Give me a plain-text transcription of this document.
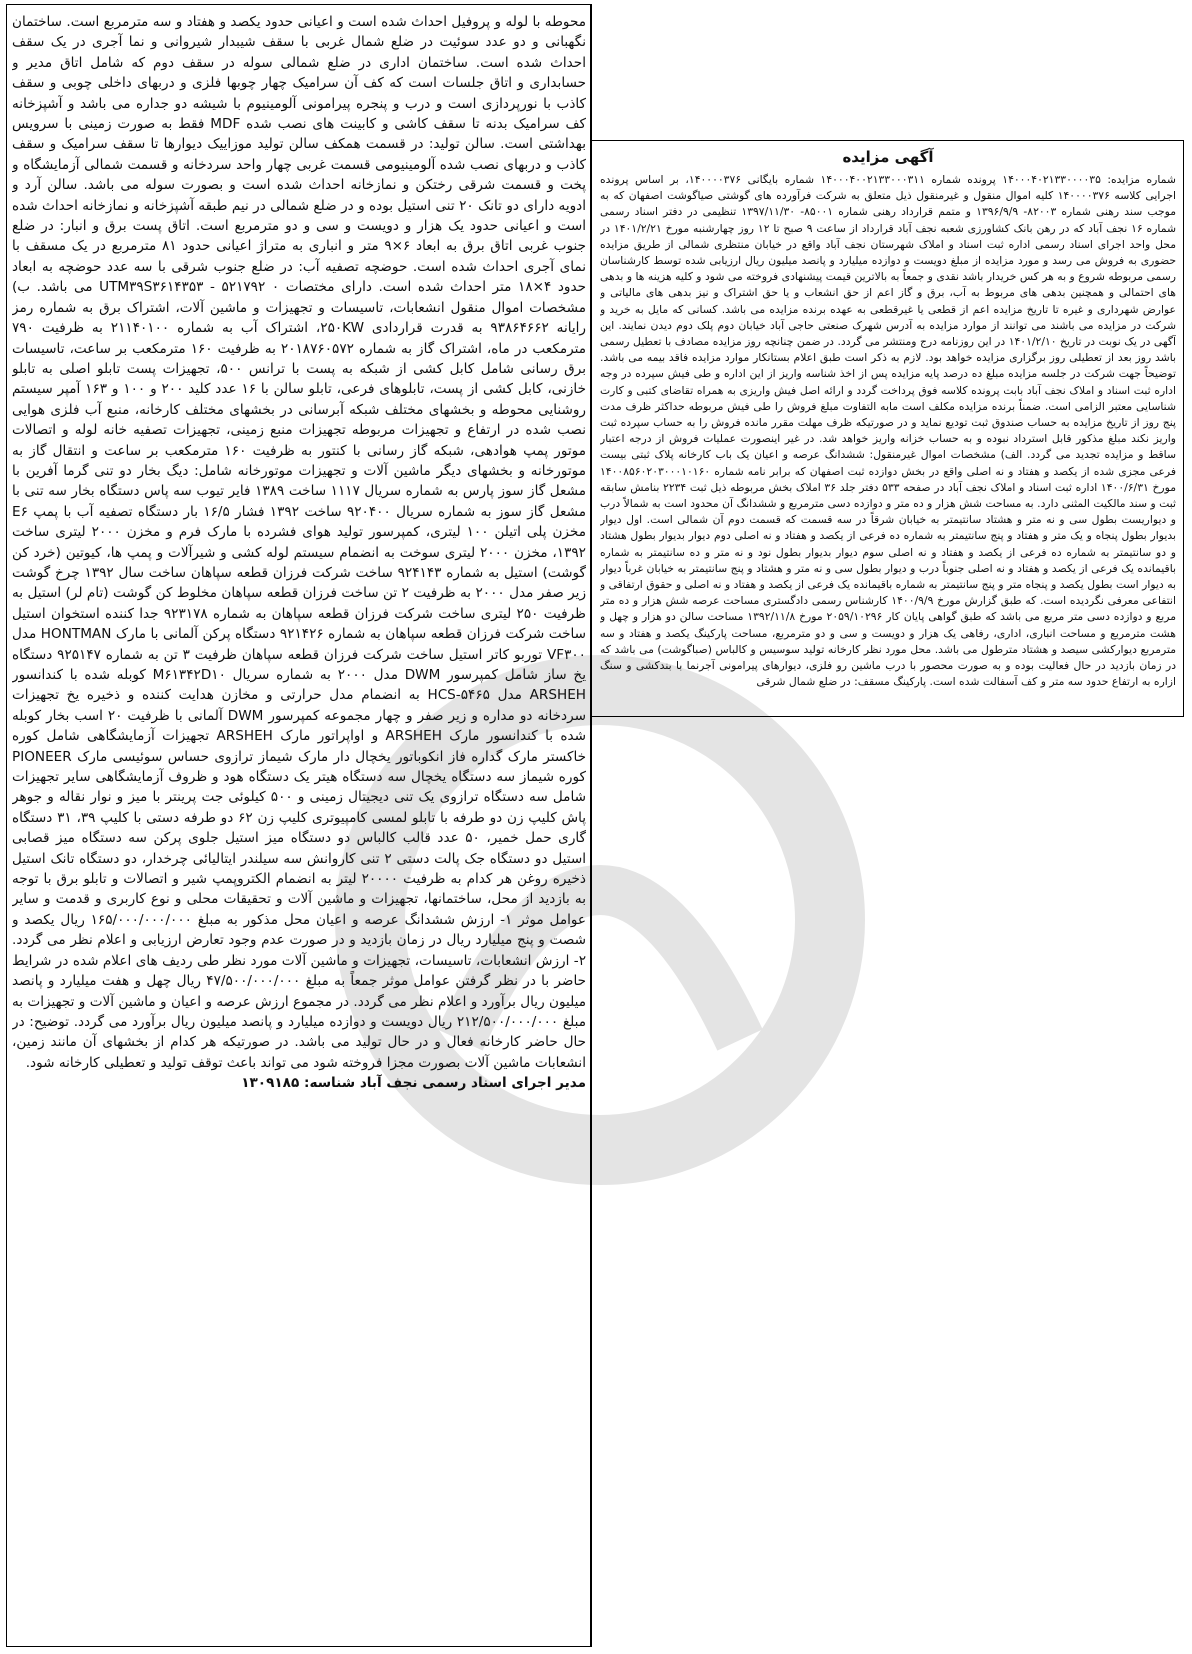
آگهی مزایده

شماره مزایده: ۱۴۰۰۰۴۰۲۱۳۳۰۰۰۰۳۵ پرونده شماره ۱۴۰۰۰۴۰۰۲۱۳۳۰۰۰۳۱۱ شماره بایگانی ۱۴۰۰۰۰۳۷۶، بر اساس پرونده اجرایی کلاسه ۱۴۰۰۰۰۳۷۶ کلیه اموال منقول و غیرمنقول ذیل متعلق به شرکت فرآورده های گوشتی صیاگوشت اصفهان که به موجب سند رهنی شماره ۸۲۰۰۳- ۱۳۹۶/۹/۹ و متمم قرارداد رهنی شماره ۸۵۰۰۱- ۱۳۹۷/۱۱/۳۰ تنظیمی در دفتر اسناد رسمی شماره ۱۶ نجف آباد که در رهن بانک کشاورزی شعبه نجف آباد قرارداد از ساعت ۹ صبح تا ۱۲ روز چهارشنبه مورخ ۱۴۰۱/۲/۲۱ در محل واحد اجرای اسناد رسمی اداره ثبت اسناد و املاک شهرستان نجف آباد واقع در خیابان منتظری شمالی از طریق مزایده حضوری به فروش می رسد و مورد مزایده از مبلغ دویست و دوازده میلیارد و پانصد میلیون ریال ارزیابی شده توسط کارشناسان رسمی مربوطه شروع و به هر کس خریدار باشد نقدی و جمعاً به بالاترین قیمت پیشنهادی فروخته می شود و کلیه هزینه ها و بدهی های احتمالی و همچنین بدهی های مربوط به آب، برق و گاز اعم از حق انشعاب و یا حق اشتراک و نیز بدهی های مالیاتی و عوارض شهرداری و غیره تا تاریخ مزایده اعم از قطعی یا غیرقطعی به عهده برنده مزایده می باشد. کسانی که مایل به خرید و شرکت در مزایده می باشند می توانند از موارد مزایده به آدرس شهرک صنعتی حاجی آباد خیابان دوم پلک دوم دیدن نمایند. این آگهی در یک نوبت در تاریخ ۱۴۰۱/۲/۱۰ در این روزنامه درج ومنتشر می گردد. در ضمن چنانچه روز مزایده مصادف با تعطیل رسمی باشد روز بعد از تعطیلی روز برگزاری مزایده خواهد بود. لازم به ذکر است طبق اعلام بستانکار موارد مزایده فاقد بیمه می باشد. توضیحاً جهت شرکت در جلسه مزایده مبلغ ده درصد پایه مزایده پس از اخذ شناسه واریز از این اداره و طی فیش سپرده در وجه اداره ثبت اسناد و املاک نجف آباد بابت پرونده کلاسه فوق پرداخت گردد و ارائه اصل فیش واریزی به همراه تقاضای کتبی و کارت شناسایی معتبر الزامی است. ضمناً برنده مزایده مکلف است مابه التفاوت مبلغ فروش را طی فیش مربوطه حداکثر ظرف مدت پنج روز از تاریخ مزایده به حساب صندوق ثبت تودیع نماید و در صورتیکه ظرف مهلت مقرر مانده فروش را به حساب سپرده ثبت واریز نکند مبلغ مذکور قابل استرداد نبوده و به حساب خزانه واریز خواهد شد. در غیر اینصورت عملیات فروش از درجه اعتبار ساقط و مزایده تجدید می گردد. الف) مشخصات اموال غیرمنقول: ششدانگ عرصه و اعیان یک باب کارخانه پلاک ثبتی بیست فرعی مجزی شده از یکصد و هفتاد و نه اصلی واقع در بخش دوازده ثبت اصفهان که برابر نامه شماره ۱۴۰۰۸۵۶۰۲۰۳۰۰۰۱۰۱۶۰ مورخ ۱۴۰۰/۶/۳۱ اداره ثبت اسناد و املاک نجف آباد در صفحه ۵۳۳ دفتر جلد ۳۶ املاک بخش مربوطه ذیل ثبت ۲۲۳۴ بنامش سابقه ثبت و سند مالکیت المثنی دارد. به مساحت شش هزار و ده متر و دوازده دسی مترمربع و ششدانگ آن محدود است به شمالاً درب و دیواریست بطول سی و نه متر و هشتاد سانتیمتر به خیابان شرقاً در سه قسمت که قسمت دوم آن شمالی است. اول دیوار بدیوار بطول پنجاه و یک متر و هفتاد و پنج سانتیمتر به شماره ده فرعی از یکصد و هفتاد و نه اصلی دوم دیوار بدیوار بطول هشتاد و دو سانتیمتر به شماره ده فرعی از یکصد و هفتاد و نه اصلی سوم دیوار بدیوار بطول نود و نه متر و ده سانتیمتر به شماره باقیمانده یک فرعی از یکصد و هفتاد و نه اصلی جنوباً درب و دیوار بطول سی و نه متر و هشتاد و پنج سانتیمتر به خیابان غرباً دیوار به دیوار است بطول یکصد و پنجاه متر و پنج سانتیمتر به شماره باقیمانده یک فرعی از یکصد و هفتاد و نه اصلی و حقوق ارتفاقی و انتفاعی معرفی نگردیده است. که طبق گزارش مورخ ۱۴۰۰/۹/۹ کارشناس رسمی دادگستری مساحت عرصه شش هزار و ده متر مربع و دوازده دسی متر مربع می باشد که طبق گواهی پایان کار ۲۰۵۹/۱۰۲۹۶ مورخ ۱۳۹۲/۱۱/۸ مساحت سالن دو هزار و چهل و هشت مترمربع و مساحت انباری، اداری، رفاهی یک هزار و دویست و سی و دو مترمربع، مساحت پارکینگ یکصد و هفتاد و سه مترمربع دیوارکشی سیصد و هشتاد مترطول می باشد. محل مورد نظر کارخانه تولید سوسیس و کالباس (صباگوشت) می باشد که در زمان بازدید در حال فعالیت بوده و به صورت محصور با درب ماشین رو فلزی، دیوارهای پیرامونی آجرنما با بندکشی و سنگ ازاره به ارتفاع حدود سه متر و کف آسفالت شده است. پارکینگ مسقف: در ضلع شمال شرقی

محوطه با لوله و پروفیل احداث شده است و اعیانی حدود یکصد و هفتاد و سه مترمربع است. ساختمان نگهبانی و دو عدد سوئیت در ضلع شمال غربی با سقف شیبدار شیروانی و نما آجری در یک سقف احداث شده است. ساختمان اداری در ضلع شمالی سوله در سقف دوم که شامل اتاق مدیر و حسابداری و اتاق جلسات است که کف آن سرامیک چهار چوبها فلزی و دربهای داخلی چوبی و سقف کاذب با نورپردازی است و درب و پنجره پیرامونی آلومینیوم با شیشه دو جداره می باشد و آشپزخانه کف سرامیک بدنه تا سقف کاشی و کابینت های نصب شده MDF فقط به صورت زمینی با سرویس بهداشتی است. سالن تولید: در قسمت همکف سالن تولید موزاییک دیوارها تا سقف سرامیک و سقف کاذب و دربهای نصب شده آلومینیومی قسمت غربی چهار واحد سردخانه و قسمت شمالی آزمایشگاه و پخت و قسمت شرقی رختکن و نمازخانه احداث شده است و بصورت سوله می باشد. سالن آرد و ادویه دارای دو تانک ۲۰ تنی استیل بوده و در ضلع شمالی در نیم طبقه آشپزخانه و نمازخانه احداث شده است و اعیانی حدود یک هزار و دویست و سی و دو مترمربع است. اتاق پست برق و انبار: در ضلع جنوب غربی اتاق برق به ابعاد ۶×۹ متر و انباری به متراژ اعیانی حدود ۸۱ مترمربع در یک مسقف با نمای آجری احداث شده است. حوضچه تصفیه آب: در ضلع جنوب شرقی با سه عدد حوضچه به ابعاد حدود ۴×۱۸ متر احداث شده است. دارای مختصات UTM۳۹S۳۶۱۴۳۵۳ - ۵۲۱۷۹۲ ۰ می باشد. ب) مشخصات اموال منقول انشعابات، تاسیسات و تجهیزات و ماشین آلات، اشتراک برق به شماره رمز رایانه ۹۳۸۶۴۶۶۲ به قدرت قراردادی ۲۵۰KW، اشتراک آب به شماره ۲۱۱۴۰۱۰۰ به ظرفیت ۷۹۰ مترمکعب در ماه، اشتراک گاز به شماره ۲۰۱۸۷۶۰۵۷۲ به ظرفیت ۱۶۰ مترمکعب بر ساعت، تاسیسات برق رسانی شامل کابل کشی از شبکه به پست با ترانس ۵۰۰، تجهیزات پست تابلو اصلی به تابلو خازنی، کابل کشی از پست، تابلوهای فرعی، تابلو سالن با ۱۶ عدد کلید ۲۰۰ و ۱۰۰ و ۱۶۳ آمپر سیستم روشنایی محوطه و بخشهای مختلف شبکه آبرسانی در بخشهای مختلف کارخانه، منبع آب فلزی هوایی نصب شده در ارتفاع و تجهیزات مربوطه تجهیزات منبع زمینی، تجهیزات تصفیه خانه لوله و اتصالات موتور پمپ هوادهی، شبکه گاز رسانی با کنتور به ظرفیت ۱۶۰ مترمکعب بر ساعت و انتقال گاز به موتورخانه و بخشهای دیگر ماشین آلات و تجهیزات موتورخانه شامل: دیگ بخار دو تنی گرما آفرین با مشعل گاز سوز پارس به شماره سریال ۱۱۱۷ ساخت ۱۳۸۹ فایر تیوب سه پاس دستگاه بخار سه تنی با مشعل گاز سوز به شماره سریال ۹۲۰۴۰۰ ساخت ۱۳۹۲ فشار ۱۶/۵ بار دستگاه تصفیه آب با پمپ E۶ مخزن پلی اتیلن ۱۰۰ لیتری، کمپرسور تولید هوای فشرده با مارک فرم و مخزن ۲۰۰۰ لیتری ساخت ۱۳۹۲، مخزن ۲۰۰۰ لیتری سوخت به انضمام سیستم لوله کشی و شیرآلات و پمپ ها، کیوتین (خرد کن گوشت) استیل به شماره ۹۲۴۱۴۳ ساخت شرکت فرزان قطعه سپاهان ساخت سال ۱۳۹۲ چرخ گوشت زیر صفر مدل ۲۰۰۰ به ظرفیت ۲ تن ساخت فرزان قطعه سپاهان مخلوط کن گوشت (تام لر) استیل به ظرفیت ۲۵۰ لیتری ساخت شرکت فرزان قطعه سپاهان به شماره ۹۲۳۱۷۸ جدا کننده استخوان استیل ساخت شرکت فرزان قطعه سپاهان به شماره ۹۲۱۴۲۶ دستگاه پرکن آلمانی با مارک HONTMAN مدل VF۳۰۰ توربو کاتر استیل ساخت شرکت فرزان قطعه سپاهان ظرفیت ۳ تن به شماره ۹۲۵۱۴۷ دستگاه یخ ساز شامل کمپرسور DWM مدل ۲۰۰۰ به شماره سریال M۶۱۳۴۲D۱۰ کوبله شده با کندانسور ARSHEH مدل HCS-۵۴۶۵ به انضمام مدل حرارتی و مخازن هدایت کننده و ذخیره یخ تجهیزات سردخانه دو مداره و زیر صفر و چهار مجموعه کمپرسور DWM آلمانی با ظرفیت ۲۰ اسب بخار کوبله شده با کندانسور مارک ARSHEH و اواپراتور مارک ARSHEH تجهیزات آزمایشگاهی شامل کوره خاکستر مارک گداره فاز انکوباتور یخچال دار مارک شیماز ترازوی حساس سوئیسی مارک PIONEER کوره شیماز سه دستگاه یخچال سه دستگاه هیتر یک دستگاه هود و ظروف آزمایشگاهی سایر تجهیزات شامل سه دستگاه ترازوی یک تنی دیجیتال زمینی و ۵۰۰ کیلوئی جت پرینتر با میز و نوار نقاله و جوهر پاش کلیپ زن دو طرفه با تابلو لمسی کامپیوتری کلیپ زن ۶۲ دو طرفه دستی با کلیپ ۳۹، ۳۱ دستگاه گاری حمل خمیر، ۵۰ عدد قالب کالباس دو دستگاه میز استیل جلوی پرکن سه دستگاه میز قصابی استیل دو دستگاه جک پالت دستی ۲ تنی کاروانش سه سیلندر ایتالیائی چرخدار، دو دستگاه تانک استیل ذخیره روغن هر کدام به ظرفیت ۲۰۰۰۰ لیتر به انضمام الکتروپمپ شیر و اتصالات و تابلو برق با توجه به بازدید از محل، ساختمانها، تجهیزات و ماشین آلات و تحقیقات محلی و نوع کاربری و قدمت و سایر عوامل موثر ۱- ارزش ششدانگ عرصه و اعیان محل مذکور به مبلغ ۱۶۵/۰۰۰/۰۰۰/۰۰۰ ریال یکصد و شصت و پنج میلیارد ریال در زمان بازدید و در صورت عدم وجود تعارض ارزیابی و اعلام نظر می گردد. ۲- ارزش انشعابات، تاسیسات، تجهیزات و ماشین آلات مورد نظر طی ردیف های اعلام شده در شرایط حاضر با در نظر گرفتن عوامل موثر جمعاً به مبلغ ۴۷/۵۰۰/۰۰۰/۰۰۰ ریال چهل و هفت میلیارد و پانصد میلیون ریال برآورد و اعلام نظر می گردد. در مجموع ارزش عرصه و اعیان و ماشین آلات و تجهیزات به مبلغ ۲۱۲/۵۰۰/۰۰۰/۰۰۰ ریال دویست و دوازده میلیارد و پانصد میلیون ریال برآورد می گردد. توضیح: در حال حاضر کارخانه فعال و در حال تولید می باشد. در صورتیکه هر کدام از بخشهای آن مانند زمین، انشعابات ماشین آلات بصورت مجزا فروخته شود می تواند باعث توقف تولید و تعطیلی کارخانه شود.

مدیر اجرای اسناد رسمی نجف آباد شناسه: ۱۳۰۹۱۸۵
